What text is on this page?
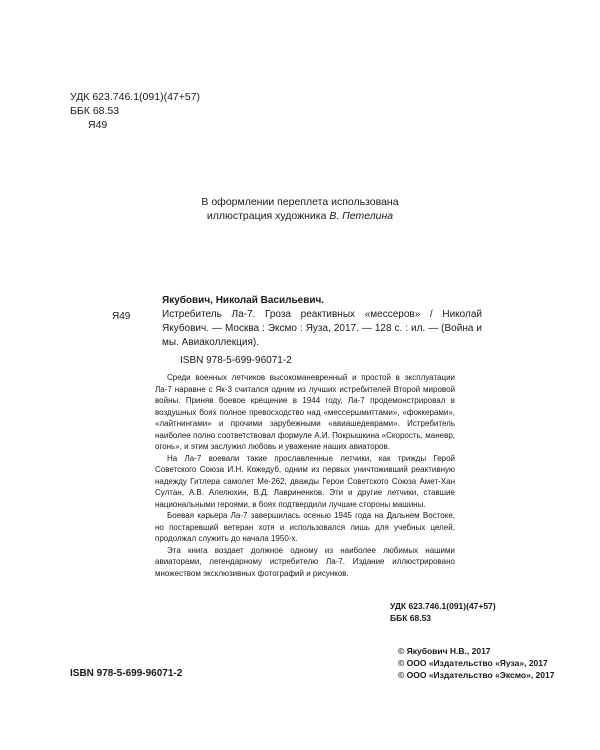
УДК 623.746.1(091)(47+57)
ББК 68.53
Я49
В оформлении переплета использована
иллюстрация художника В. Петелина
Я49
Якубович, Николай Васильевич.
Истребитель Ла-7. Гроза реактивных «мессеров» / Николай Якубович. — Москва : Эксмо : Яуза, 2017. — 128 с. : ил. — (Война и мы. Авиаколлекция).
ISBN 978-5-699-96071-2

Среди военных летчиков высокоманевренный и простой в эксплуатации Ла-7 наравне с Як-3 считался одним из лучших истребителей Второй мировой войны. Приняв боевое крещение в 1944 году, Ла-7 продемонстрировал в воздушных боях полное превосходство над «мессершмиттами», «фоккерами», «лайтнингами» и прочими зарубежными «авиашедеврами». Истребитель наиболее полно соответствовал формуле А.И. Покрышкина «Скорость, маневр, огонь», и этим заслужил любовь и уважение наших авиаторов.

На Ла-7 воевали такие прославленные летчики, как трижды Герой Советского Союза И.Н. Кожедуб, одним из первых уничтоживший реактивную надежду Гитлера самолет Ме-262, дважды Герои Советского Союза Амет-Хан Султан, А.В. Алелюхин, В.Д. Лавриненков. Эти и другие летчики, ставшие национальными героями, в боях подтвердили лучшие стороны машины.

Боевая карьера Ла-7 завершилась осенью 1945 года на Дальнем Востоке, но постаревший ветеран хотя и использовался лишь для учебных целей, продолжал служить до начала 1950-х.

Эта книга воздает должное одному из наиболее любимых нашими авиаторами, легендарному истребителю Ла-7. Издание иллюстрировано множеством эксклюзивных фотографий и рисунков.

УДК 623.746.1(091)(47+57)
ББК 68.53
© Якубович Н.В., 2017
© ООО «Издательство «Яуза», 2017
© ООО «Издательство «Эксмо», 2017
ISBN 978-5-699-96071-2
